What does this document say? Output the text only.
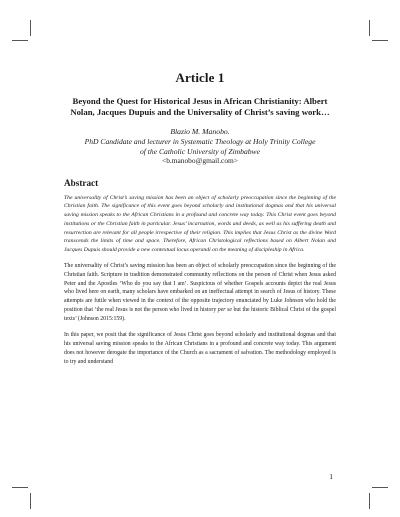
Article 1
Beyond the Quest for Historical Jesus in African Christianity: Albert Nolan, Jacques Dupuis and the Universality of Christ’s saving work…
Blazio M. Manobo.
PhD Candidate and lecturer in Systematic Theology at Holy Trinity College
of the Catholic University of Zimbabwe
<b.manobo@gmail.com>
Abstract

The universality of Christ’s saving mission has been an object of scholarly preoccupation since the beginning of the Christian faith. The significance of this event goes beyond scholarly and institutional dogmas and that his universal saving mission speaks to the African Christians in a profound and concrete way today. This Christ event goes beyond institutions or the Christian faith in particular. Jesus’ incarnation, words and deeds, as well as his suffering death and resurrection are relevant for all people irrespective of their religion. This implies that Jesus Christ as the divine Word transcends the limits of time and space. Therefore, African Christological reflections based on Albert Nolan and Jacques Dupuis should provide a new contextual locus operandi on the meaning of discipleship in Africa.

The universality of Christ’s saving mission has been an object of scholarly preoccupation since the beginning of the Christian faith. Scripture in tradition demonstrated community reflections on the person of Christ when Jesus asked Peter and the Apostles ‘Who do you say that I am’. Suspicious of whether Gospels accounts depict the real Jesus who lived here on earth, many scholars have embarked on an ineffectual attempt in search of Jesus of history. These attempts are futile when viewed in the context of the opposite trajectory enunciated by Luke Johnson who hold the position that ‘the real Jesus is not the person who lived in history per se but the historic Biblical Christ of the gospel texts’ (Johnson 2015:159).

In this paper, we posit that the significance of Jesus Christ goes beyond scholarly and institutional dogmas and that his universal saving mission speaks to the African Christians in a profound and concrete way today. This argument does not however derogate the importance of the Church as a sacrament of salvation. The methodology employed is to try and understand

1
